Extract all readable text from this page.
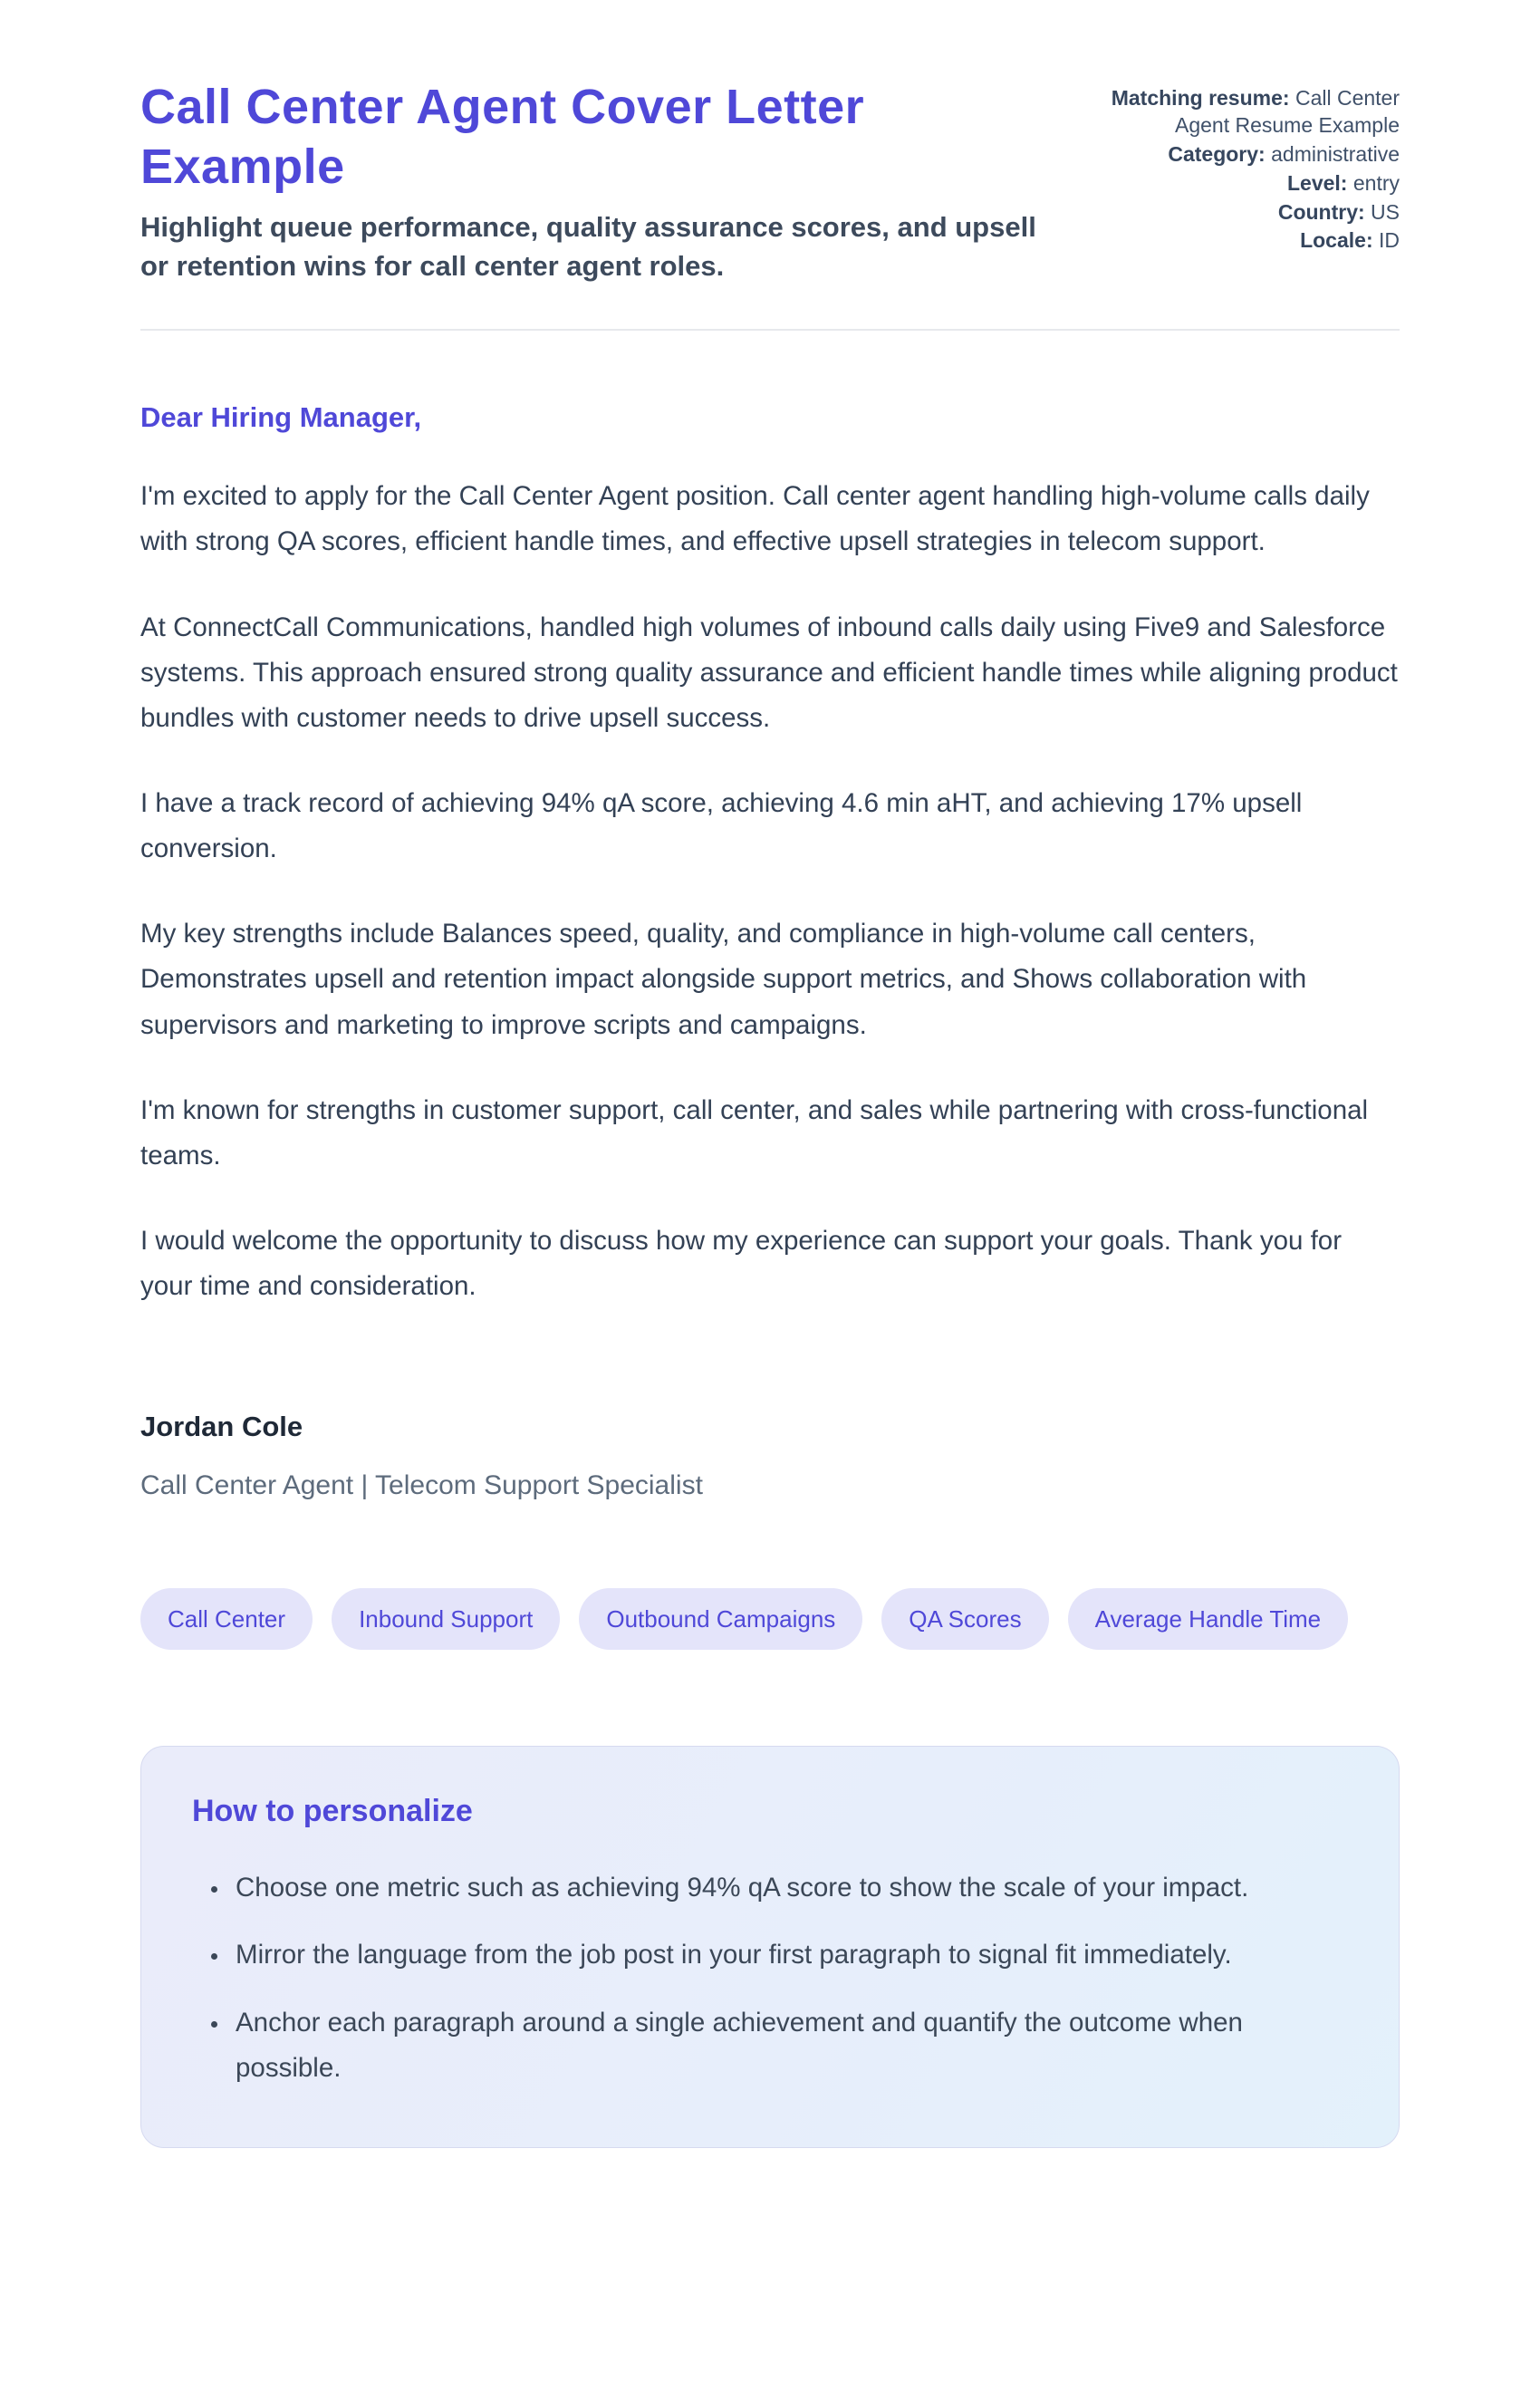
Call Center Agent Cover Letter Example

Highlight queue performance, quality assurance scores, and upsell or retention wins for call center agent roles.

Matching resume: Call Center Agent Resume Example
Category: administrative
Level: entry
Country: US
Locale: ID
Dear Hiring Manager,

I'm excited to apply for the Call Center Agent position. Call center agent handling high-volume calls daily with strong QA scores, efficient handle times, and effective upsell strategies in telecom support.

At ConnectCall Communications, handled high volumes of inbound calls daily using Five9 and Salesforce systems. This approach ensured strong quality assurance and efficient handle times while aligning product bundles with customer needs to drive upsell success.

I have a track record of achieving 94% qA score, achieving 4.6 min aHT, and achieving 17% upsell conversion.

My key strengths include Balances speed, quality, and compliance in high-volume call centers, Demonstrates upsell and retention impact alongside support metrics, and Shows collaboration with supervisors and marketing to improve scripts and campaigns.

I'm known for strengths in customer support, call center, and sales while partnering with cross-functional teams.

I would welcome the opportunity to discuss how my experience can support your goals. Thank you for your time and consideration.

Jordan Cole
Call Center Agent | Telecom Support Specialist
Call Center	Inbound Support	Outbound Campaigns	QA Scores	Average Handle Time
How to personalize
• Choose one metric such as achieving 94% qA score to show the scale of your impact.
• Mirror the language from the job post in your first paragraph to signal fit immediately.
• Anchor each paragraph around a single achievement and quantify the outcome when possible.
